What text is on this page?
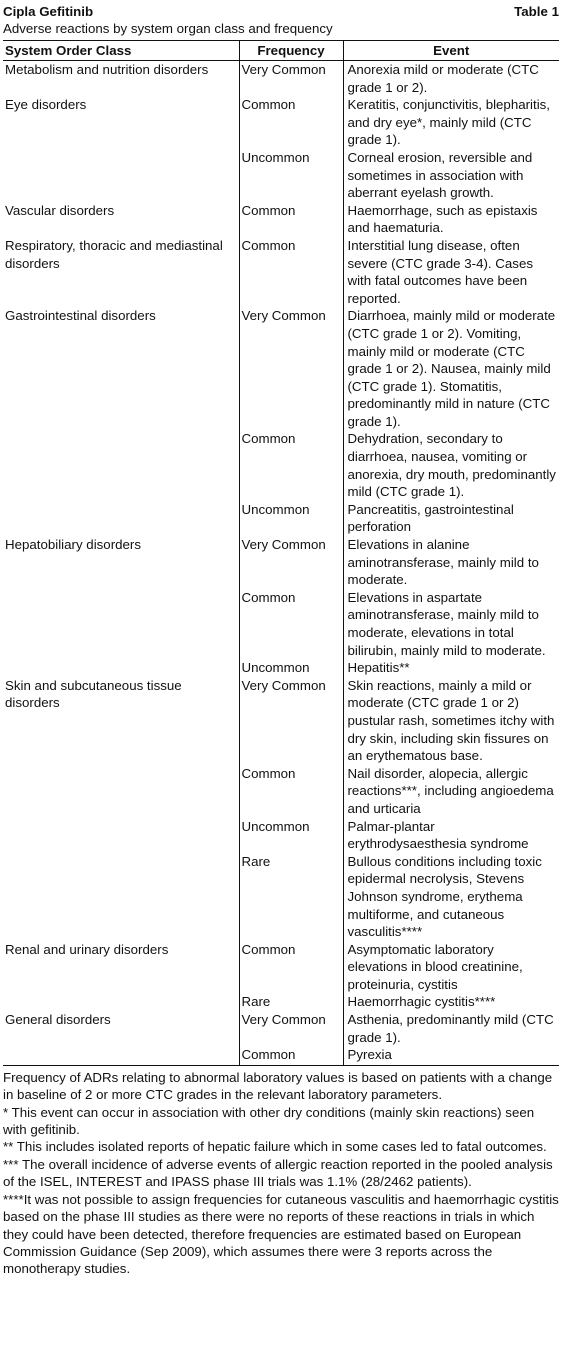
Cipla Gefitinib	Table 1
Adverse reactions by system organ class and frequency
System Order Class	Frequency	Event
Metabolism and nutrition disorders	Very Common	Anorexia mild or moderate (CTC grade 1 or 2).
Eye disorders	Common	Keratitis, conjunctivitis, blepharitis, and dry eye*, mainly mild (CTC grade 1).
	Uncommon	Corneal erosion, reversible and sometimes in association with aberrant eyelash growth.
Vascular disorders	Common	Haemorrhage, such as epistaxis and haematuria.
Respiratory, thoracic and mediastinal disorders	Common	Interstitial lung disease, often severe (CTC grade 3-4). Cases with fatal outcomes have been reported.
Gastrointestinal disorders	Very Common	Diarrhoea, mainly mild or moderate (CTC grade 1 or 2). Vomiting, mainly mild or moderate (CTC grade 1 or 2). Nausea, mainly mild (CTC grade 1). Stomatitis, predominantly mild in nature (CTC grade 1).
	Common	Dehydration, secondary to diarrhoea, nausea, vomiting or anorexia, dry mouth, predominantly mild (CTC grade 1).
	Uncommon	Pancreatitis, gastrointestinal perforation
Hepatobiliary disorders	Very Common	Elevations in alanine aminotransferase, mainly mild to moderate.
	Common	Elevations in aspartate aminotransferase, mainly mild to moderate, elevations in total bilirubin, mainly mild to moderate.
	Uncommon	Hepatitis**
Skin and subcutaneous tissue disorders	Very Common	Skin reactions, mainly a mild or moderate (CTC grade 1 or 2) pustular rash, sometimes itchy with dry skin, including skin fissures on an erythematous base.
	Common	Nail disorder, alopecia, allergic reactions***, including angioedema and urticaria
	Uncommon	Palmar-plantar erythrodysaesthesia syndrome
	Rare	Bullous conditions including toxic epidermal necrolysis, Stevens Johnson syndrome, erythema multiforme, and cutaneous vasculitis****
Renal and urinary disorders	Common	Asymptomatic laboratory elevations in blood creatinine, proteinuria, cystitis
	Rare	Haemorrhagic cystitis****
General disorders	Very Common	Asthenia, predominantly mild (CTC grade 1).
	Common	Pyrexia

Frequency of ADRs relating to abnormal laboratory values is based on patients with a change in baseline of 2 or more CTC grades in the relevant laboratory parameters.

* This event can occur in association with other dry conditions (mainly skin reactions) seen with gefitinib.

** This includes isolated reports of hepatic failure which in some cases led to fatal outcomes.

*** The overall incidence of adverse events of allergic reaction reported in the pooled analysis of the ISEL, INTEREST and IPASS phase III trials was 1.1% (28/2462 patients).

****It was not possible to assign frequencies for cutaneous vasculitis and haemorrhagic cystitis based on the phase III studies as there were no reports of these reactions in trials in which they could have been detected, therefore frequencies are estimated based on European Commission Guidance (Sep 2009), which assumes there were 3 reports across the monotherapy studies.
